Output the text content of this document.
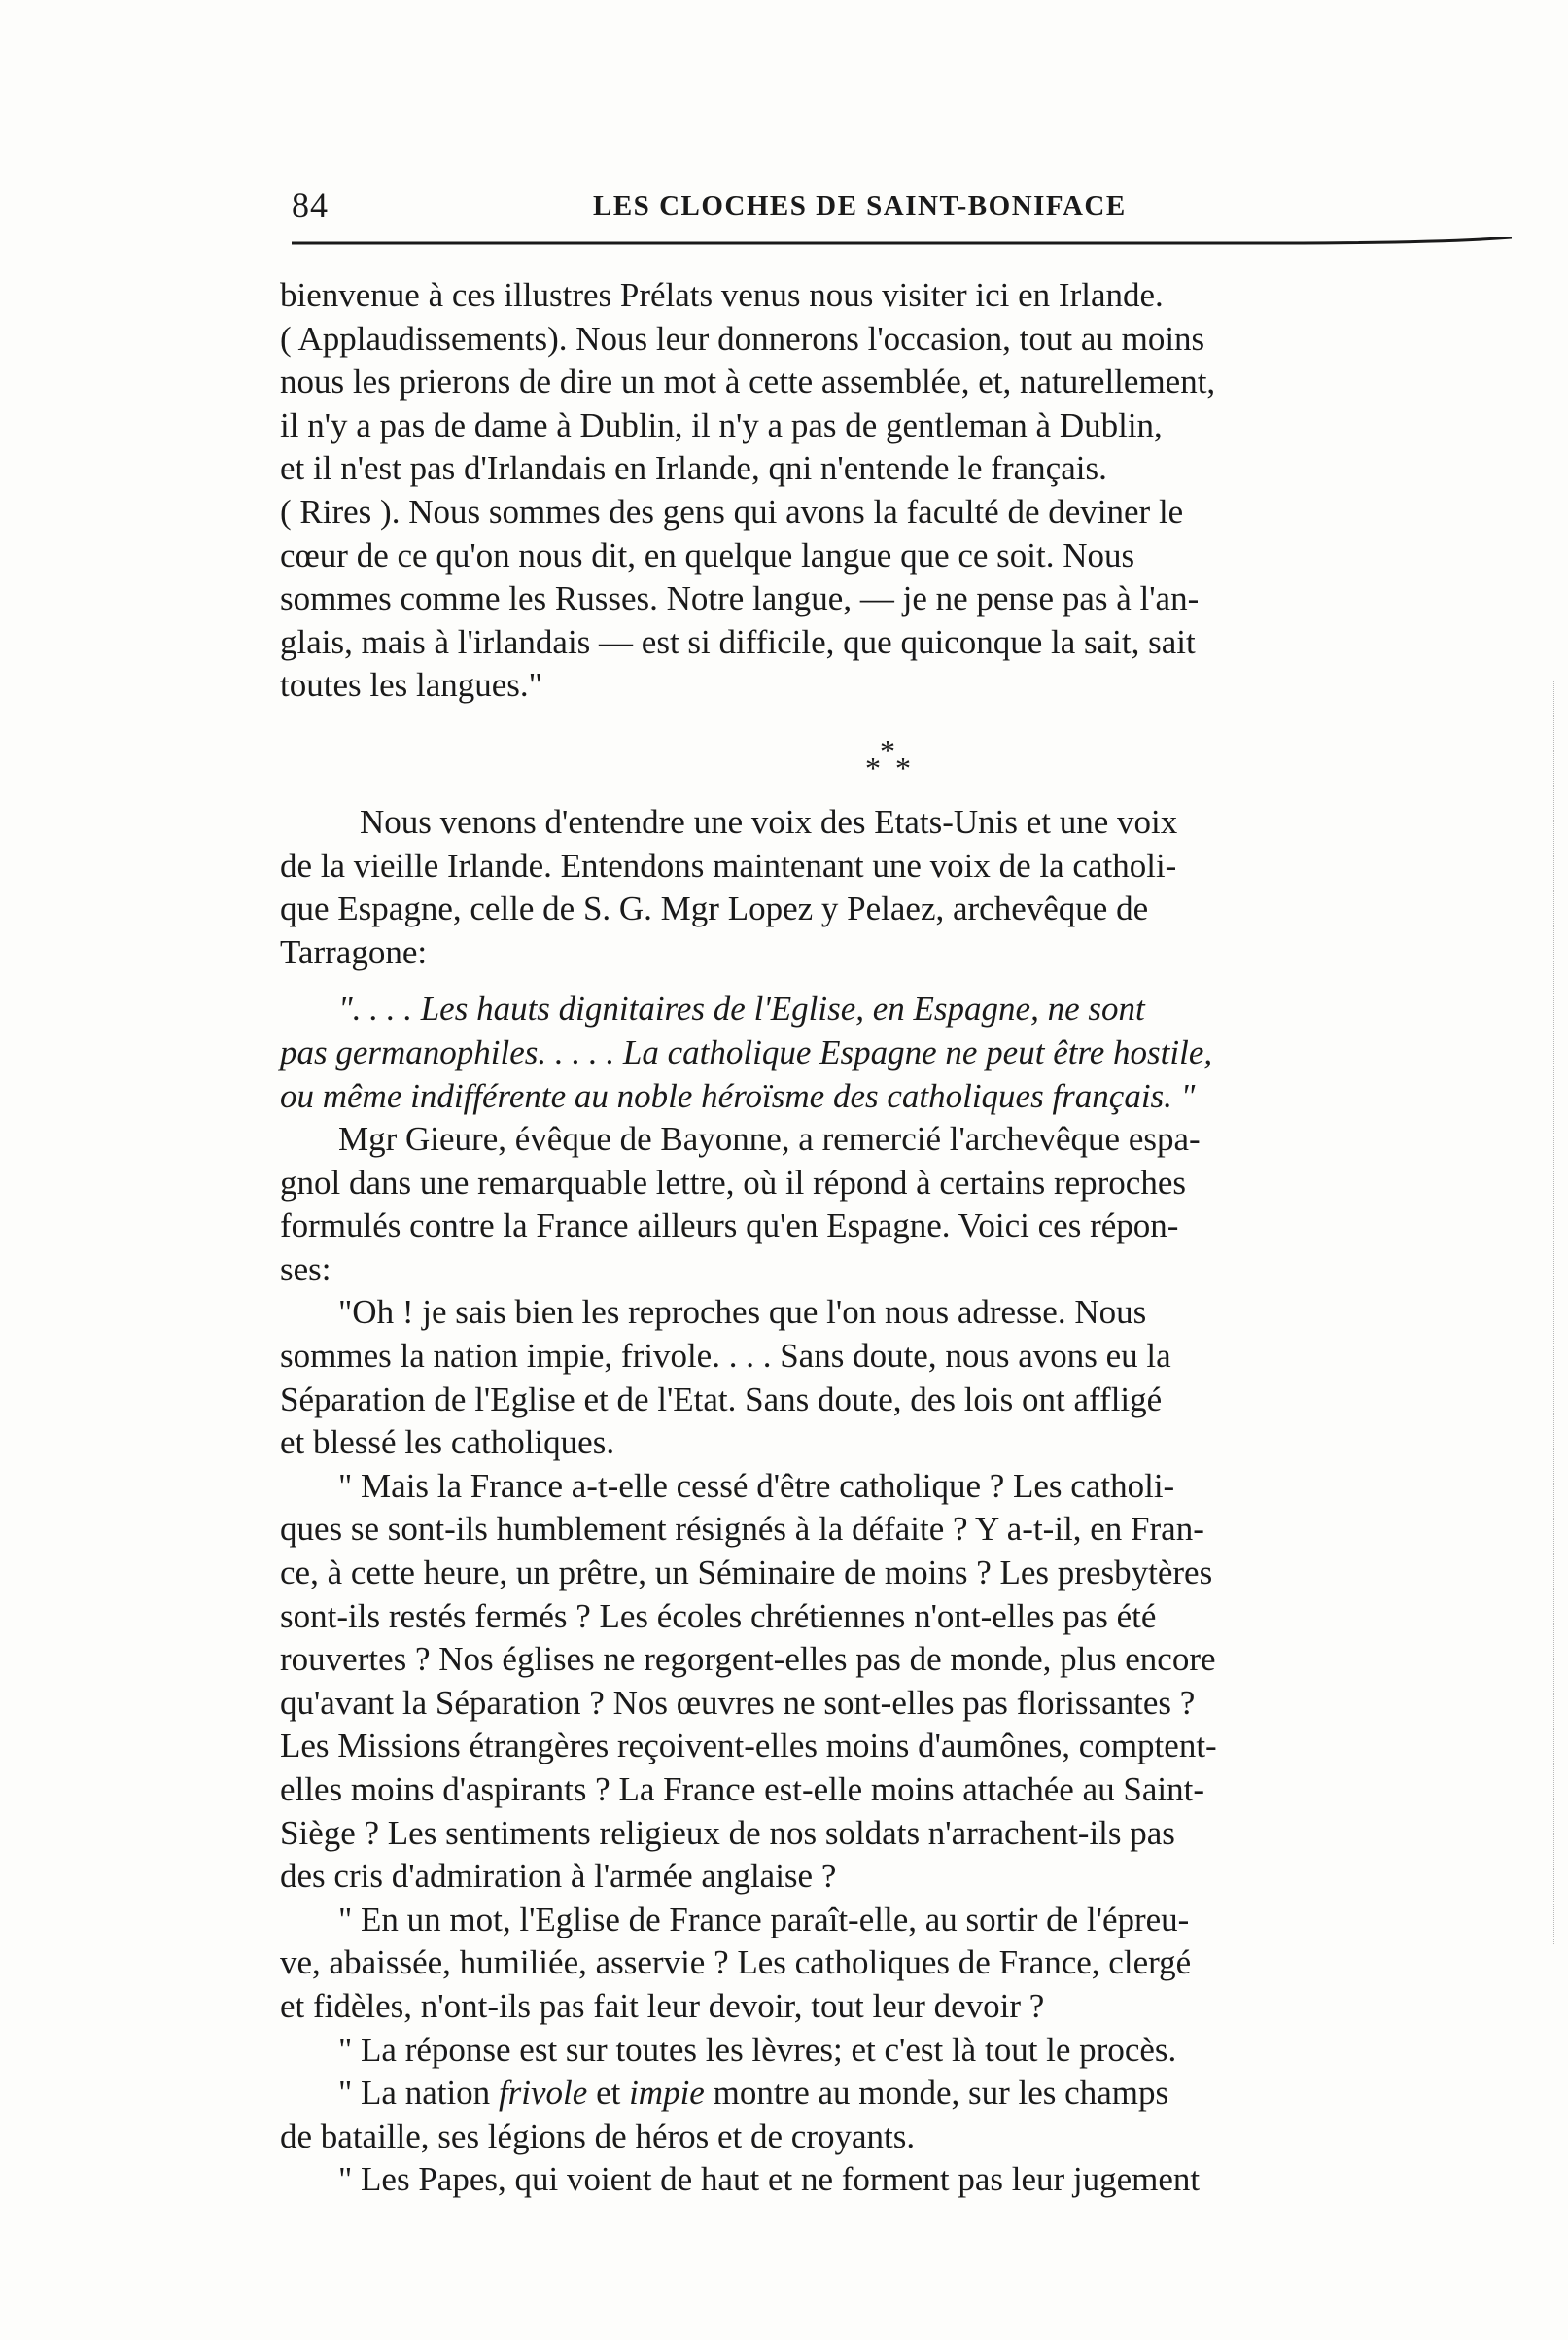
84	LES CLOCHES DE SAINT-BONIFACE
bienvenue à ces illustres Prélats venus nous visiter ici en Irlande.
( Applaudissements). Nous leur donnerons l'occasion, tout au moins
nous les prierons de dire un mot à cette assemblée, et, naturellement,
il n'y a pas de dame à Dublin, il n'y a pas de gentleman à Dublin,
et il n'est pas d'Irlandais en Irlande, qni n'entende le français.
( Rires ). Nous sommes des gens qui avons la faculté de deviner le
cœur de ce qu'on nous dit, en quelque langue que ce soit. Nous
sommes comme les Russes. Notre langue, — je ne pense pas à l'an-
glais, mais à l'irlandais — est si difficile, que quiconque la sait, sait
toutes les langues."
*
* *
Nous venons d'entendre une voix des Etats-Unis et une voix
de la vieille Irlande. Entendons maintenant une voix de la catholi-
que Espagne, celle de S. G. Mgr Lopez y Pelaez, archevêque de
Tarragone:
". . . . Les hauts dignitaires de l'Eglise, en Espagne, ne sont
pas germanophiles. . . . . La catholique Espagne ne peut être hostile,
ou même indifférente au noble héroïsme des catholiques français. "
Mgr Gieure, évêque de Bayonne, a remercié l'archevêque espa-
gnol dans une remarquable lettre, où il répond à certains reproches
formulés contre la France ailleurs qu'en Espagne. Voici ces répon-
ses:
"Oh ! je sais bien les reproches que l'on nous adresse. Nous
sommes la nation impie, frivole. . . . Sans doute, nous avons eu la
Séparation de l'Eglise et de l'Etat. Sans doute, des lois ont affligé
et blessé les catholiques.
" Mais la France a-t-elle cessé d'être catholique ? Les catholi-
ques se sont-ils humblement résignés à la défaite ? Y a-t-il, en Fran-
ce, à cette heure, un prêtre, un Séminaire de moins ? Les presbytères
sont-ils restés fermés ? Les écoles chrétiennes n'ont-elles pas été
rouvertes ? Nos églises ne regorgent-elles pas de monde, plus encore
qu'avant la Séparation ? Nos œuvres ne sont-elles pas florissantes ?
Les Missions étrangères reçoivent-elles moins d'aumônes, comptent-
elles moins d'aspirants ? La France est-elle moins attachée au Saint-
Siège ? Les sentiments religieux de nos soldats n'arrachent-ils pas
des cris d'admiration à l'armée anglaise ?
" En un mot, l'Eglise de France paraît-elle, au sortir de l'épreu-
ve, abaissée, humiliée, asservie ? Les catholiques de France, clergé
et fidèles, n'ont-ils pas fait leur devoir, tout leur devoir ?
" La réponse est sur toutes les lèvres; et c'est là tout le procès.
" La nation frivole et impie montre au monde, sur les champs
de bataille, ses légions de héros et de croyants.
" Les Papes, qui voient de haut et ne forment pas leur jugement
